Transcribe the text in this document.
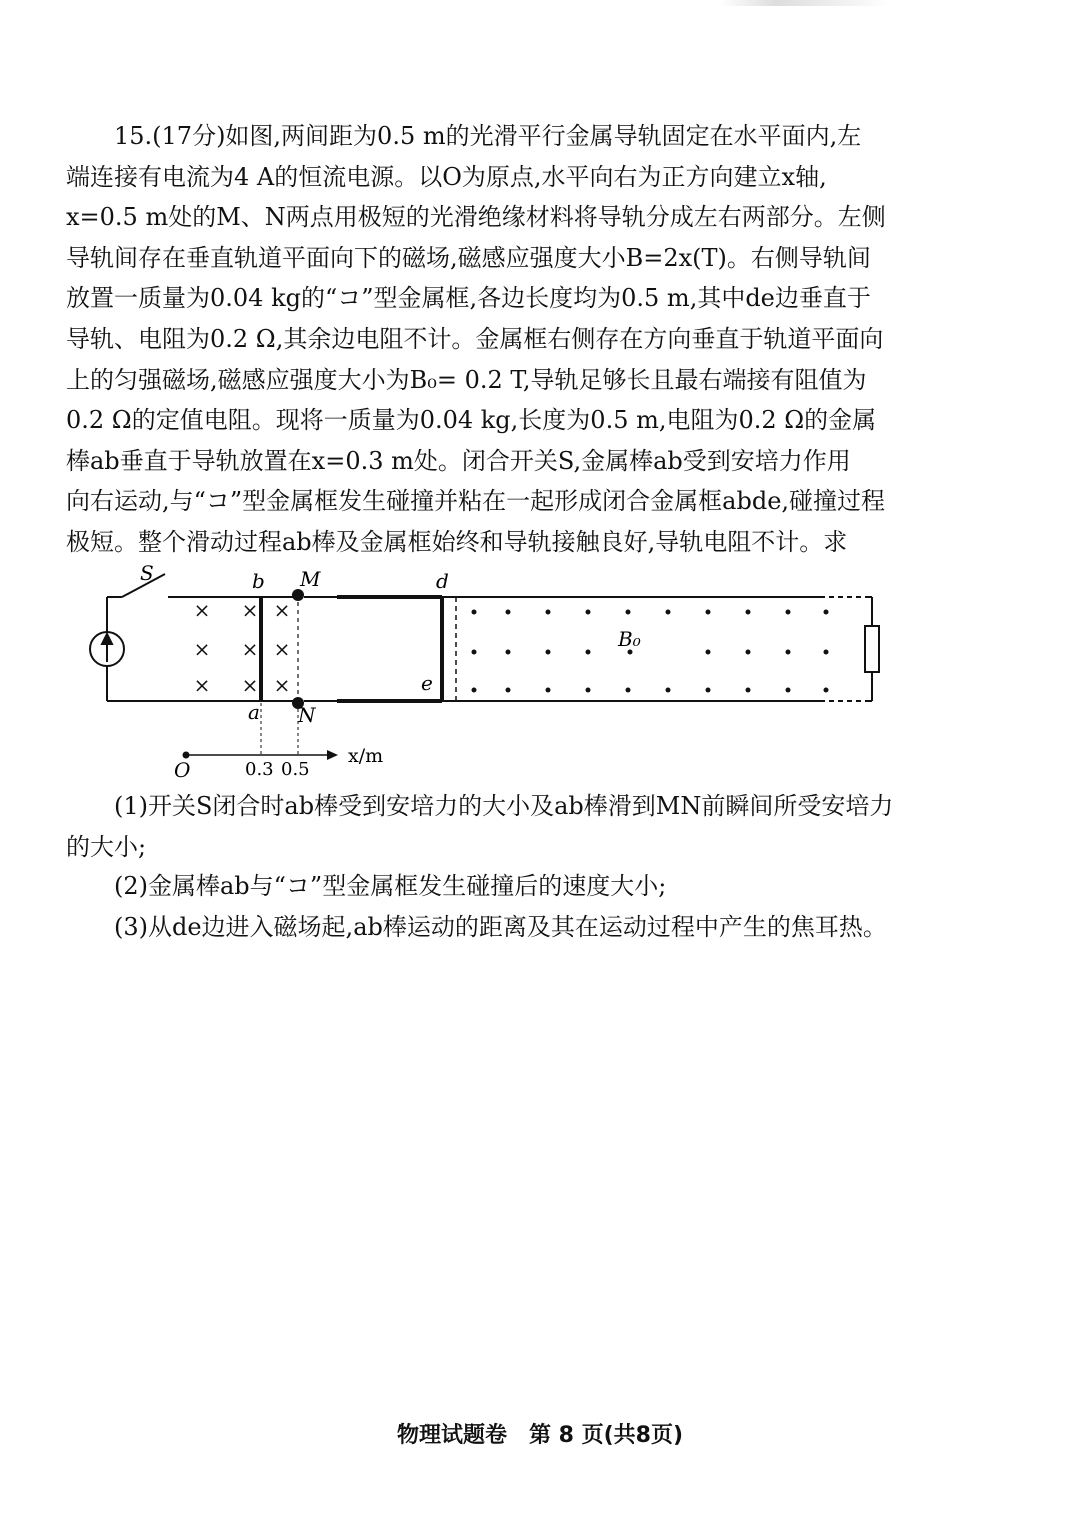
15.(17分)如图,两间距为0.5 m的光滑平行金属导轨固定在水平面内,左

端连接有电流为4 A的恒流电源。以O为原点,水平向右为正方向建立x轴,

x=0.5 m处的M、N两点用极短的光滑绝缘材料将导轨分成左右两部分。左侧

导轨间存在垂直轨道平面向下的磁场,磁感应强度大小B=2x(T)。右侧导轨间

放置一质量为0.04 kg的“コ”型金属框,各边长度均为0.5 m,其中de边垂直于

导轨、电阻为0.2 Ω,其余边电阻不计。金属框右侧存在方向垂直于轨道平面向

上的匀强磁场,磁感应强度大小为B₀= 0.2 T,导轨足够长且最右端接有阻值为

0.2 Ω的定值电阻。现将一质量为0.04 kg,长度为0.5 m,电阻为0.2 Ω的金属

棒ab垂直于导轨放置在x=0.3 m处。闭合开关S,金属棒ab受到安培力作用

向右运动,与“コ”型金属框发生碰撞并粘在一起形成闭合金属框abde,碰撞过程

极短。整个滑动过程ab棒及金属框始终和导轨接触良好,导轨电阻不计。求

× × ×
× × ×
× × ×
S	b M	d
a N
e
B₀
O	0.3 0.5
x/m

(1)开关S闭合时ab棒受到安培力的大小及ab棒滑到MN前瞬间所受安培力的大小;

(2)金属棒ab与“コ”型金属框发生碰撞后的速度大小;

(3)从de边进入磁场起,ab棒运动的距离及其在运动过程中产生的焦耳热。

物理试题卷　第 8 页(共8页)
